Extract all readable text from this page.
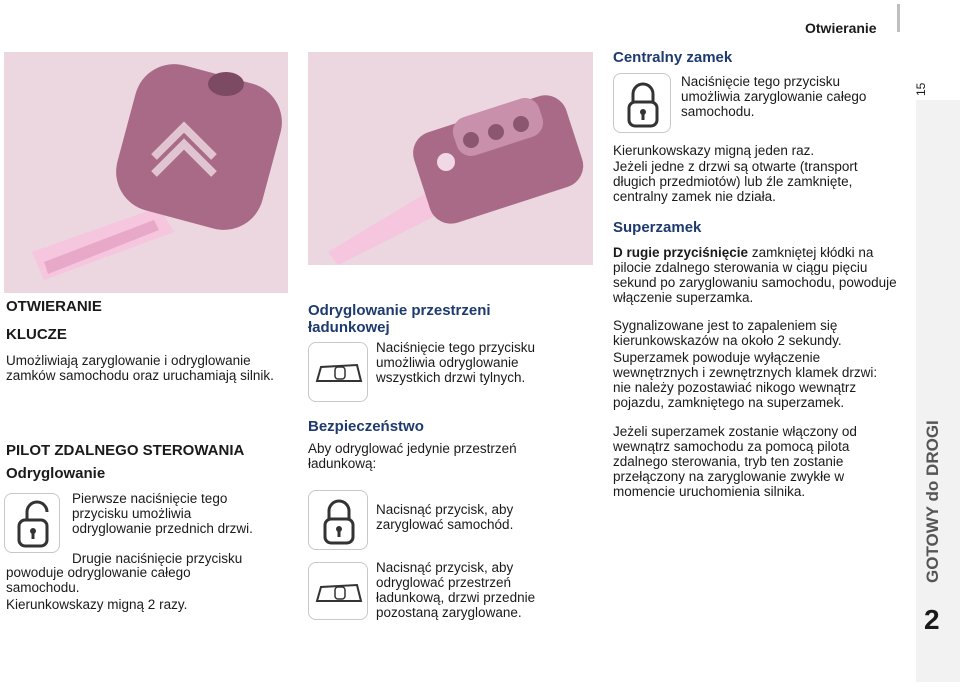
Otwieranie
15
GOTOWY do DROGI
2
OTWIERANIE
KLUCZE

Umożliwiają zaryglowanie i odryglowanie zamków samochodu oraz uruchamiają silnik.

PILOT ZDALNEGO STEROWANIA
Odryglowanie

Pierwsze naciśnięcie tego przycisku umożliwia odryglowanie przednich drzwi.

Drugie naciśnięcie przycisku

powoduje odryglowanie całego samochodu.

Kierunkowskazy migną 2 razy.

Odryglowanie przestrzeni ładunkowej

Naciśnięcie tego przycisku umożliwia odryglowanie wszystkich drzwi tylnych.

Bezpieczeństwo

Aby odryglować jedynie przestrzeń ładunkową:

Nacisnąć przycisk, aby zaryglować samochód.

Nacisnąć przycisk, aby odryglować przestrzeń ładunkową, drzwi przednie pozostaną zaryglowane.

Centralny zamek

Naciśnięcie tego przycisku umożliwia zaryglowanie całego samochodu.

Kierunkowskazy migną jeden raz.

Jeżeli jedne z drzwi są otwarte (transport długich przedmiotów) lub źle zamknięte, centralny zamek nie działa.

Superzamek

D rugie przyciśnięcie zamkniętej kłódki na pilocie zdalnego sterowania w ciągu pięciu sekund po zaryglowaniu samochodu, powoduje włączenie superzamka.

Sygnalizowane jest to zapaleniem się kierunkowskazów na około 2 sekundy.

Superzamek powoduje wyłączenie wewnętrznych i zewnętrznych klamek drzwi: nie należy pozostawiać nikogo wewnątrz pojazdu, zamkniętego na superzamek.

Jeżeli superzamek zostanie włączony od wewnątrz samochodu za pomocą pilota zdalnego sterowania, tryb ten zostanie przełączony na zaryglowanie zwykłe w momencie uruchomienia silnika.
